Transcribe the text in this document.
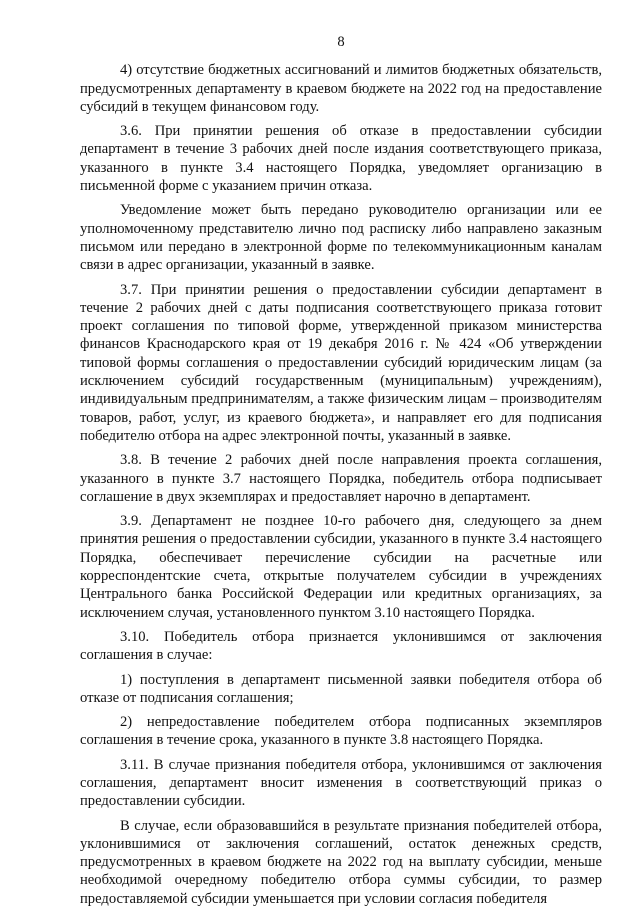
8

4) отсутствие бюджетных ассигнований и лимитов бюджетных обязательств, предусмотренных департаменту в краевом бюджете на 2022 год на предоставление субсидий в текущем финансовом году.

3.6. При принятии решения об отказе в предоставлении субсидии департамент в течение 3 рабочих дней после издания соответствующего приказа, указанного в пункте 3.4 настоящего Порядка, уведомляет организацию в письменной форме с указанием причин отказа.

Уведомление может быть передано руководителю организации или ее уполномоченному представителю лично под расписку либо направлено заказным письмом или передано в электронной форме по телекоммуникационным каналам связи в адрес организации, указанный в заявке.

3.7. При принятии решения о предоставлении субсидии департамент в течение 2 рабочих дней с даты подписания соответствующего приказа готовит проект соглашения по типовой форме, утвержденной приказом министерства финансов Краснодарского края от 19 декабря 2016 г. № 424 «Об утверждении типовой формы соглашения о предоставлении субсидий юридическим лицам (за исключением субсидий государственным (муниципальным) учреждениям), индивидуальным предпринимателям, а также физическим лицам – производителям товаров, работ, услуг, из краевого бюджета», и направляет его для подписания победителю отбора на адрес электронной почты, указанный в заявке.

3.8. В течение 2 рабочих дней после направления проекта соглашения, указанного в пункте 3.7 настоящего Порядка, победитель отбора подписывает соглашение в двух экземплярах и предоставляет нарочно в департамент.

3.9. Департамент не позднее 10-го рабочего дня, следующего за днем принятия решения о предоставлении субсидии, указанного в пункте 3.4 настоящего Порядка, обеспечивает перечисление субсидии на расчетные или корреспондентские счета, открытые получателем субсидии в учреждениях Центрального банка Российской Федерации или кредитных организациях, за исключением случая, установленного пунктом 3.10 настоящего Порядка.

3.10. Победитель отбора признается уклонившимся от заключения соглашения в случае:

1) поступления в департамент письменной заявки победителя отбора об отказе от подписания соглашения;

2) непредоставление победителем отбора подписанных экземпляров соглашения в течение срока, указанного в пункте 3.8 настоящего Порядка.

3.11. В случае признания победителя отбора, уклонившимся от заключения соглашения, департамент вносит изменения в соответствующий приказ о предоставлении субсидии.

В случае, если образовавшийся в результате признания победителей отбора, уклонившимися от заключения соглашений, остаток денежных средств, предусмотренных в краевом бюджете на 2022 год на выплату субсидии, меньше необходимой очередному победителю отбора суммы субсидии, то размер предоставляемой субсидии уменьшается при условии согласия победителя
